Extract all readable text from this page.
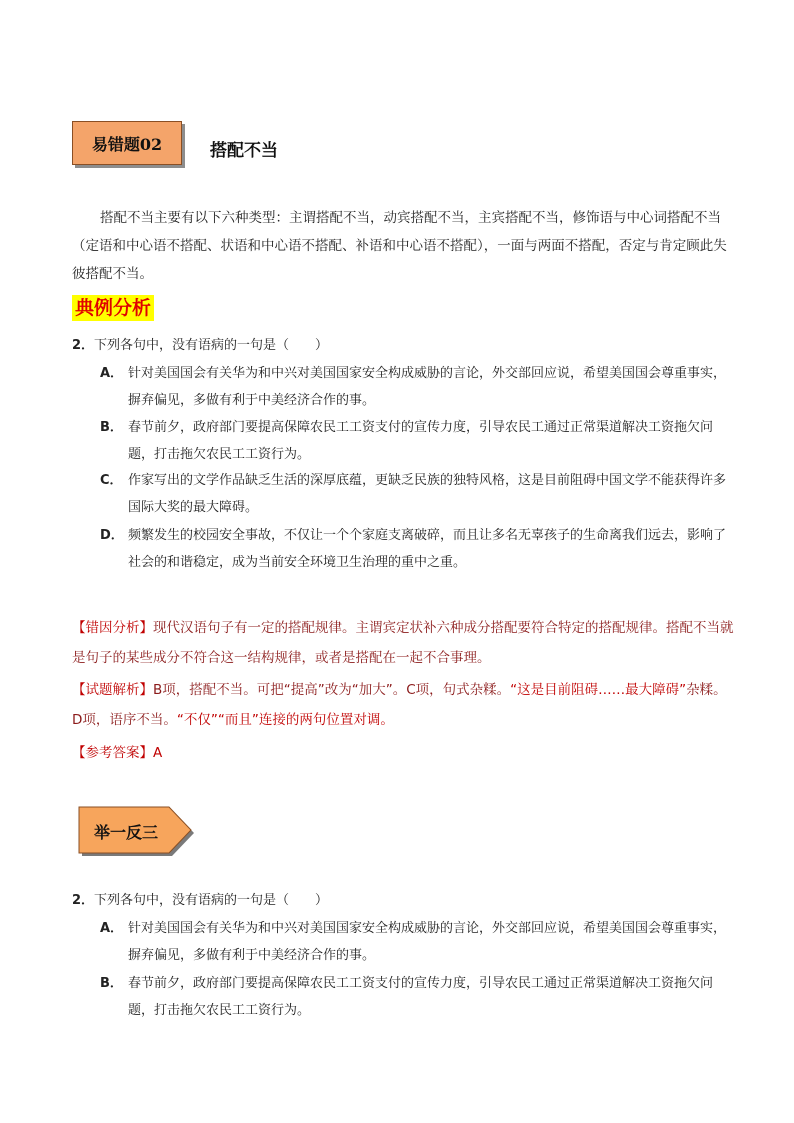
易错题02	搭配不当
搭配不当主要有以下六种类型：主谓搭配不当，动宾搭配不当，主宾搭配不当，修饰语与中心词搭配不当（定语和中心语不搭配、状语和中心语不搭配、补语和中心语不搭配），一面与两面不搭配，否定与肯定顾此失彼搭配不当。
典例分析
2．下列各句中，没有语病的一句是（　　）
A． 针对美国国会有关华为和中兴对美国国家安全构成威胁的言论，外交部回应说，希望美国国会尊重事实，摒弃偏见，多做有利于中美经济合作的事。
B． 春节前夕，政府部门要提高保障农民工工资支付的宣传力度，引导农民工通过正常渠道解决工资拖欠问题，打击拖欠农民工工资行为。
C． 作家写出的文学作品缺乏生活的深厚底蕴，更缺乏民族的独特风格，这是目前阻碍中国文学不能获得许多国际大奖的最大障碍。
D． 频繁发生的校园安全事故，不仅让一个个家庭支离破碎，而且让多名无辜孩子的生命离我们远去，影响了社会的和谐稳定，成为当前安全环境卫生治理的重中之重。
【错因分析】现代汉语句子有一定的搭配规律。主谓宾定状补六种成分搭配要符合特定的搭配规律。搭配不当就是句子的某些成分不符合这一结构规律，或者是搭配在一起不合事理。
【试题解析】B项，搭配不当。可把“提高”改为“加大”。C项，句式杂糅。“这是目前阻碍……最大障碍”杂糅。D项，语序不当。“不仅”“而且”连接的两句位置对调。
【参考答案】A
举一反三
2．下列各句中，没有语病的一句是（　　）
A． 针对美国国会有关华为和中兴对美国国家安全构成威胁的言论，外交部回应说，希望美国国会尊重事实，摒弃偏见，多做有利于中美经济合作的事。
B． 春节前夕，政府部门要提高保障农民工工资支付的宣传力度，引导农民工通过正常渠道解决工资拖欠问题，打击拖欠农民工工资行为。
